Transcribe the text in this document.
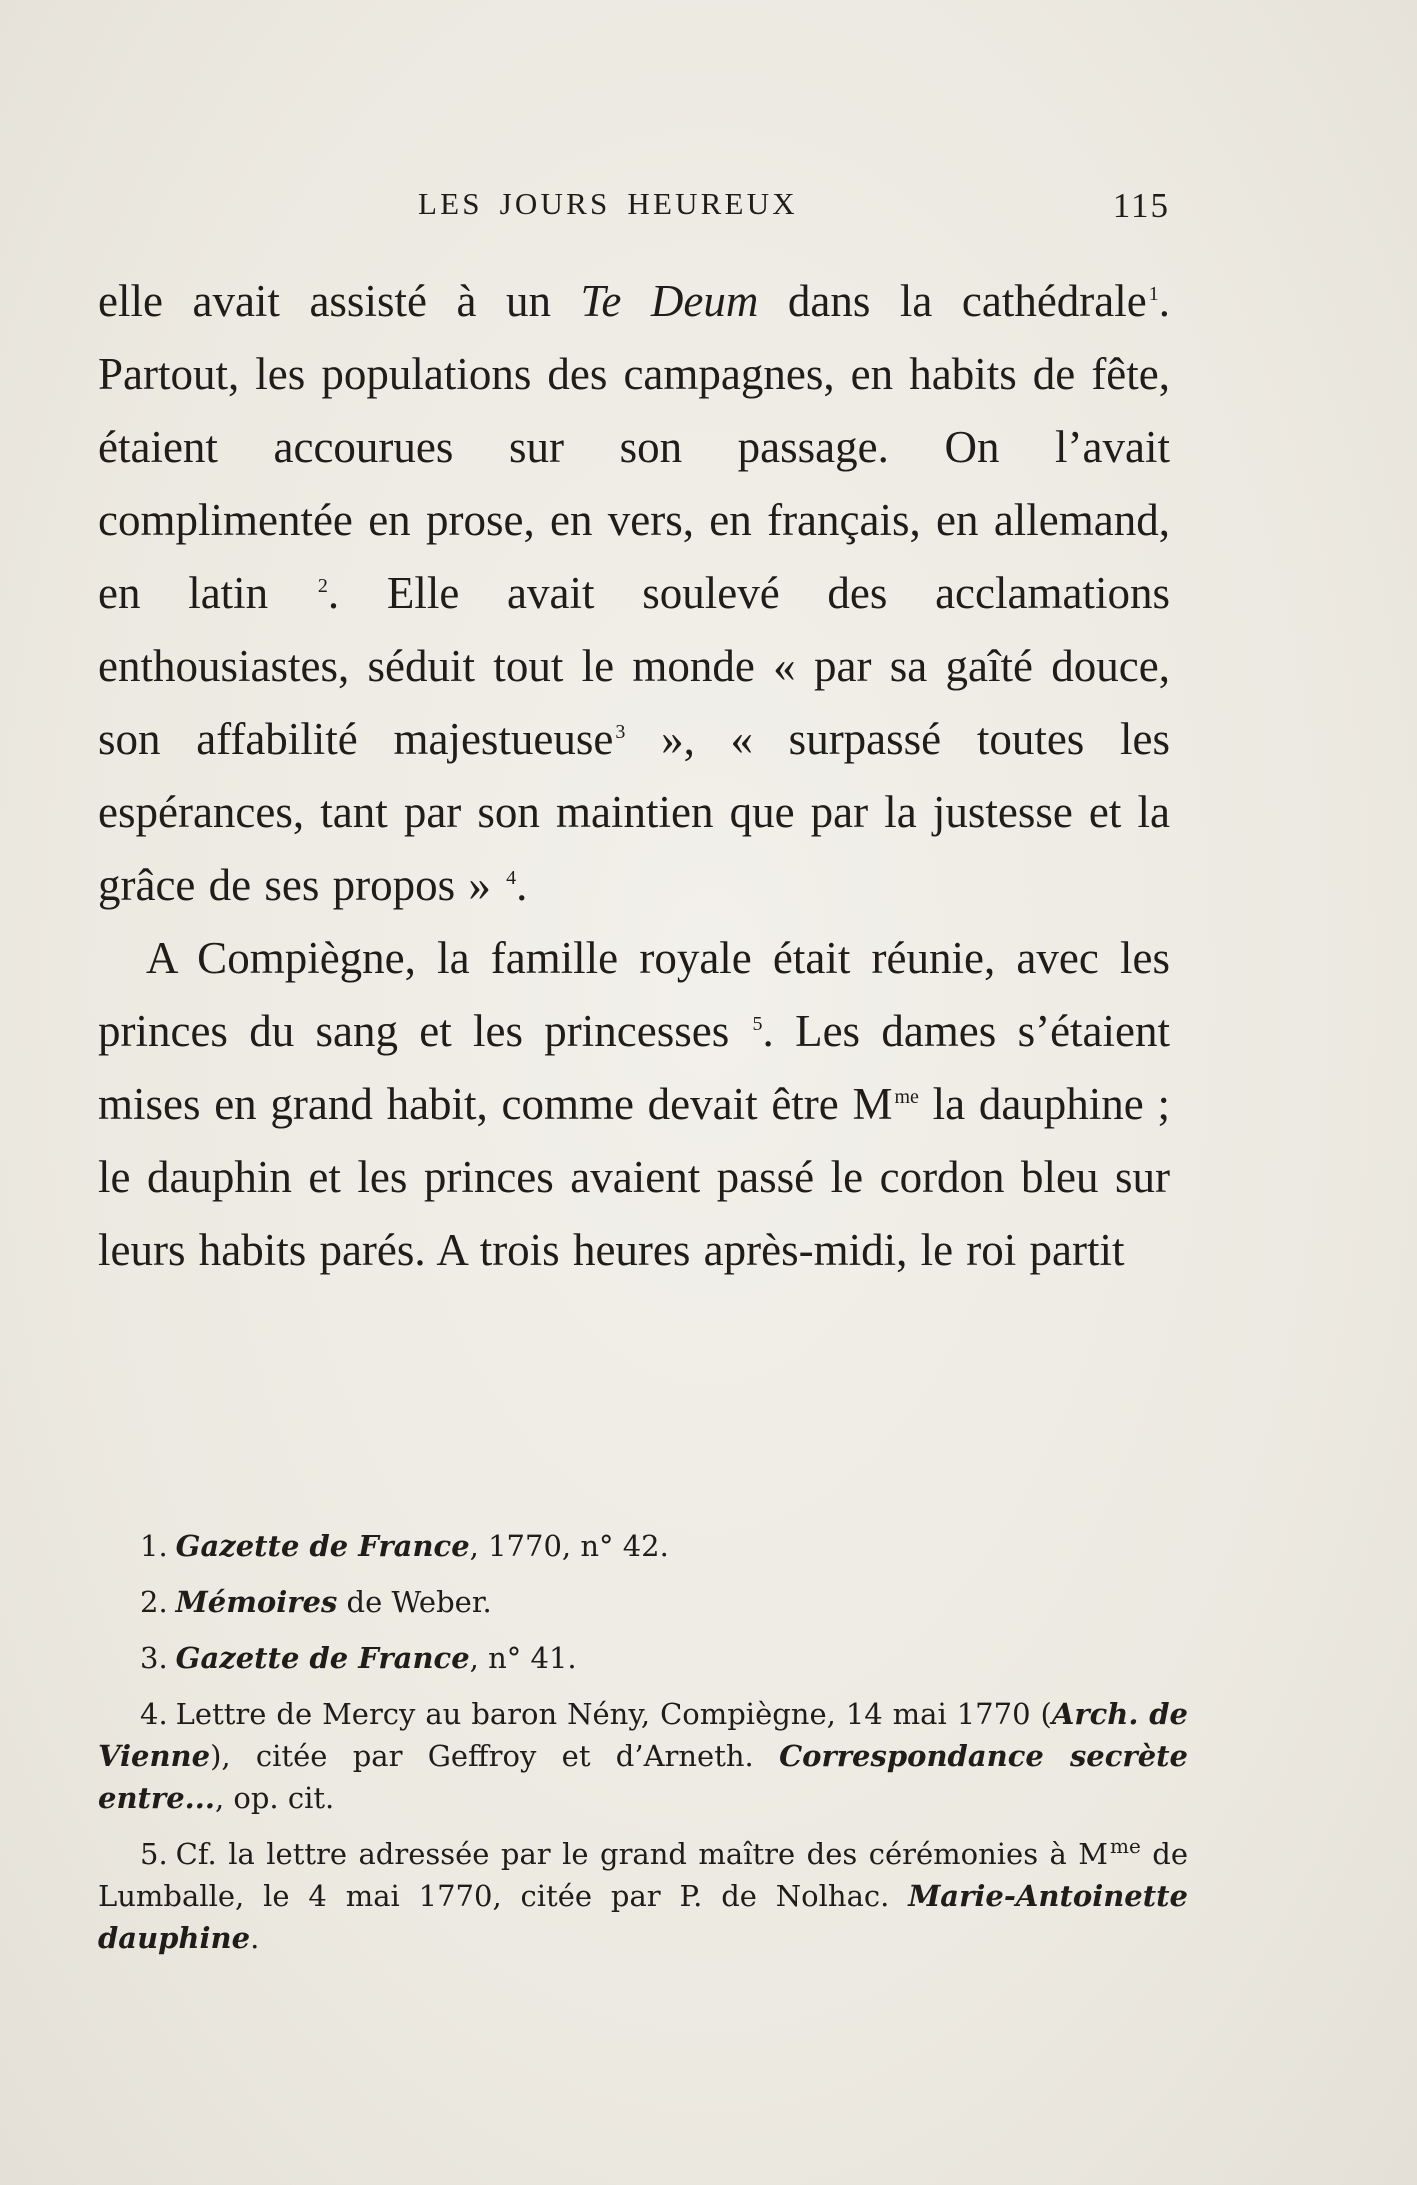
LES JOURS HEUREUX	115

elle avait assisté à un Te Deum dans la cathédrale $^1$. Partout, les populations des campagnes, en habits de fête, étaient accourues sur son passage. On l’avait complimentée en prose, en vers, en français, en allemand, en latin $^2$. Elle avait soulevé des acclamations enthousiastes, séduit tout le monde « par sa gaîté douce, son affabilité majestueuse $^3$ », « surpassé toutes les espérances, tant par son maintien que par la justesse et la grâce de ses propos » $^4$.

A Compiègne, la famille royale était réunie, avec les princes du sang et les princesses $^5$. Les dames s’étaient mises en grand habit, comme devait être M $^{me}$ la dauphine ; le dauphin et les princes avaient passé le cordon bleu sur leurs habits parés. A trois heures après-midi, le roi partit

1. Gazette de France, 1770, n° 42.

2. Mémoires de Weber.

3. Gazette de France, n° 41.

4. Lettre de Mercy au baron Nény, Compiègne, 14 mai 1770 (Arch. de Vienne), citée par Geffroy et d’Arneth. Correspondance secrète entre..., op. cit.

5. Cf. la lettre adressée par le grand maître des cérémonies à M $^{me}$ de Lumballe, le 4 mai 1770, citée par P. de Nolhac. Marie-Antoinette dauphine.
